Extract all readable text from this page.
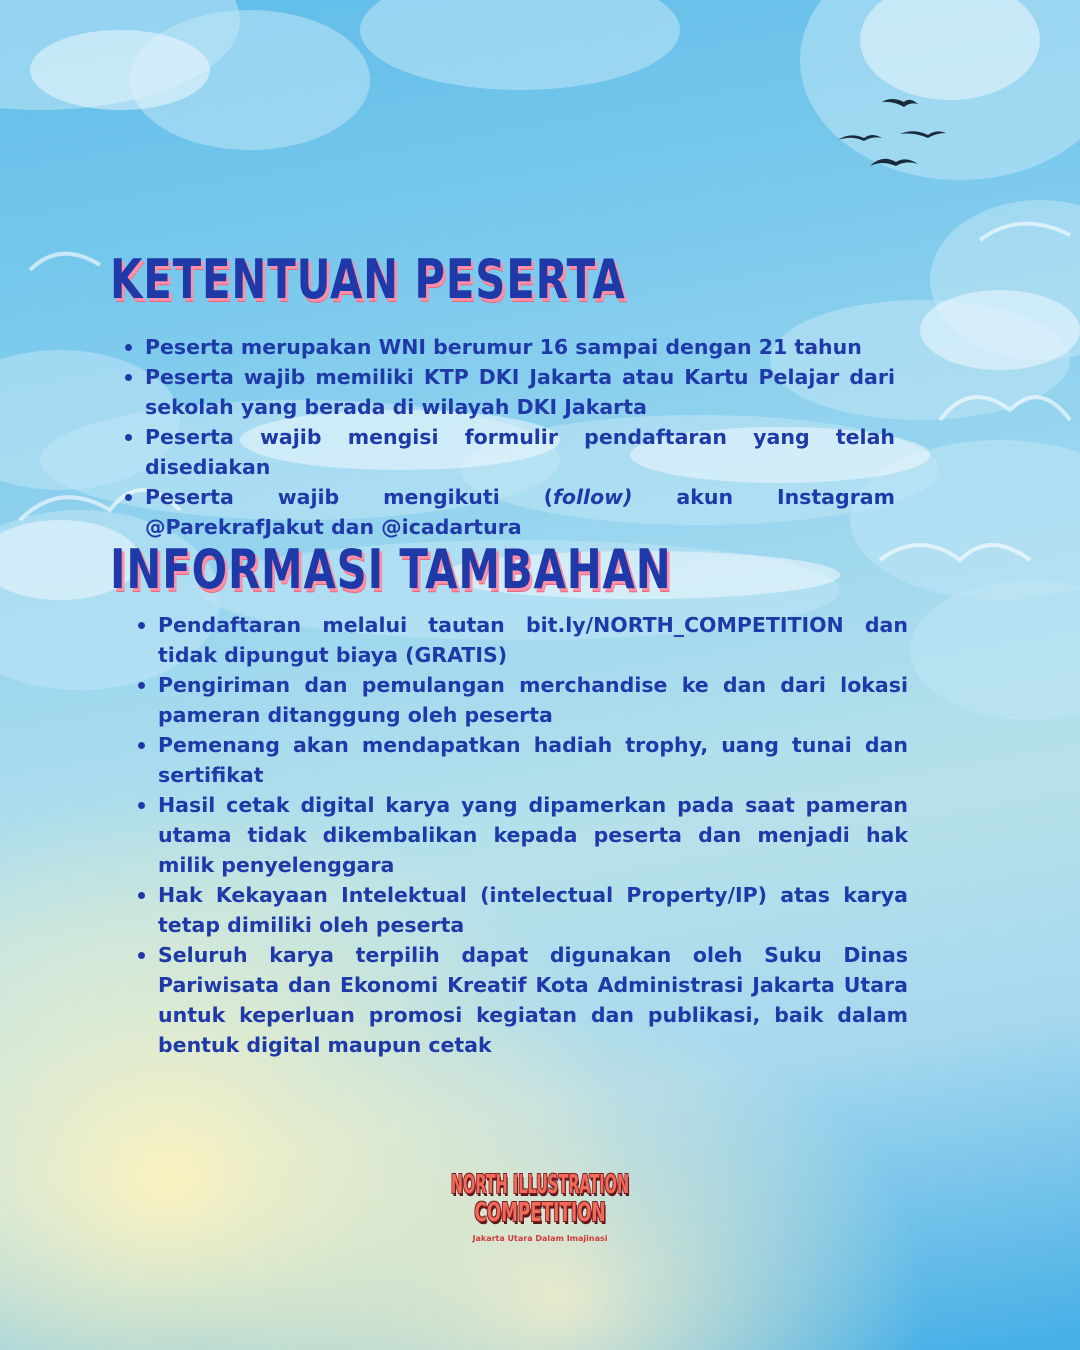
KETENTUAN PESERTA
Peserta merupakan WNI berumur 16 sampai dengan 21 tahun
Peserta wajib memiliki KTP DKI Jakarta atau Kartu Pelajar dari sekolah yang berada di wilayah DKI Jakarta
Peserta wajib mengisi formulir pendaftaran yang telah disediakan
Peserta wajib mengikuti (follow) akun Instagram @ParekrafJakut dan @icadartura
INFORMASI TAMBAHAN
Pendaftaran melalui tautan bit.ly/NORTH_COMPETITION dan tidak dipungut biaya (GRATIS)
Pengiriman dan pemulangan merchandise ke dan dari lokasi pameran ditanggung oleh peserta
Pemenang akan mendapatkan hadiah trophy, uang tunai dan sertifikat
Hasil cetak digital karya yang dipamerkan pada saat pameran utama tidak dikembalikan kepada peserta dan menjadi hak milik penyelenggara
Hak Kekayaan Intelektual (intelectual Property/IP) atas karya tetap dimiliki oleh peserta
Seluruh karya terpilih dapat digunakan oleh Suku Dinas Pariwisata dan Ekonomi Kreatif Kota Administrasi Jakarta Utara untuk keperluan promosi kegiatan dan publikasi, baik dalam bentuk digital maupun cetak
NORTH ILLUSTRATION
COMPETITION
Jakarta Utara Dalam Imajinasi
